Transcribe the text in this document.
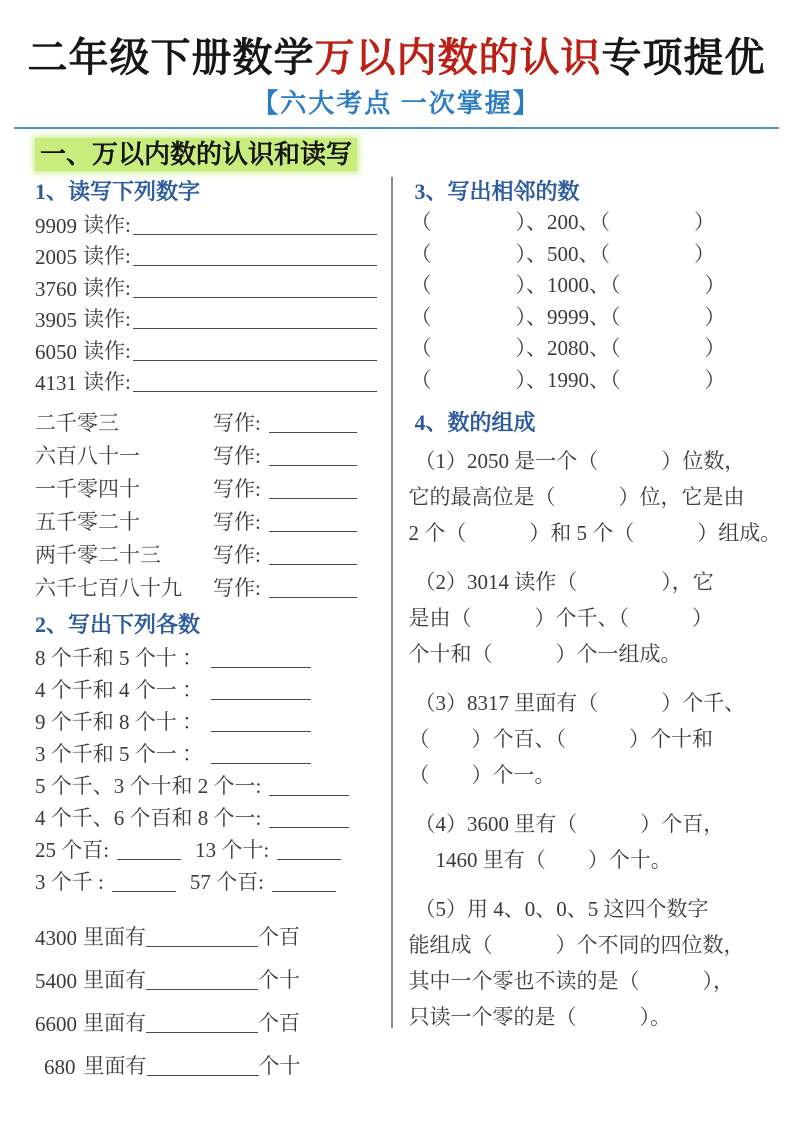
二年级下册数学万以内数的认识专项提优
【六大考点 一次掌握】
一、万以内数的认识和读写
1、读写下列数字
9909 读作:
2005 读作:
3760 读作:
3905 读作:
6050 读作:
4131 读作:
二千零三	写作:
六百八十一	写作:
一千零四十	写作:
五千零二十	写作:
两千零二十三	写作:
六千七百八十九	写作:
2、写出下列各数
8 个千和 5 个十 ：
4 个千和 4 个一 ：
9 个千和 8 个十 ：
3 个千和 5 个一 ：
5 个千、3 个十和 2 个一:
4 个千、6 个百和 8 个一:
25 个百:	13 个十:
3 个千 :	57 个百:
4300 里面有	个百
5400 里面有	个十
6600 里面有	个百
680 里面有	个十
3、写出相邻的数
（　　　　）、200、（　　　　）
（　　　　）、500、（　　　　）
（　　　　）、1000、（　　　　）
（　　　　）、9999、（　　　　）
（　　　　）、2080、（　　　　）
（　　　　）、1990、（　　　　）
4、数的组成
（1）2050 是一个（　　　）位数，
它的最高位是（　　　）位，它是由
2 个（　　　）和 5 个（　　　）组成。
（2）3014 读作（　　　　），它
是由（　　　）个千、（　　　）
个十和（　　　）个一组成。
（3）8317 里面有（　　　）个千、
（　　）个百、（　　　）个十和
（　　）个一。
（4）3600 里有（　　　）个百，
　1460 里有（　　）个十。
（5）用 4、0、0、5 这四个数字
能组成（　　　）个不同的四位数，
其中一个零也不读的是（　　　），
只读一个零的是（　　　）。
